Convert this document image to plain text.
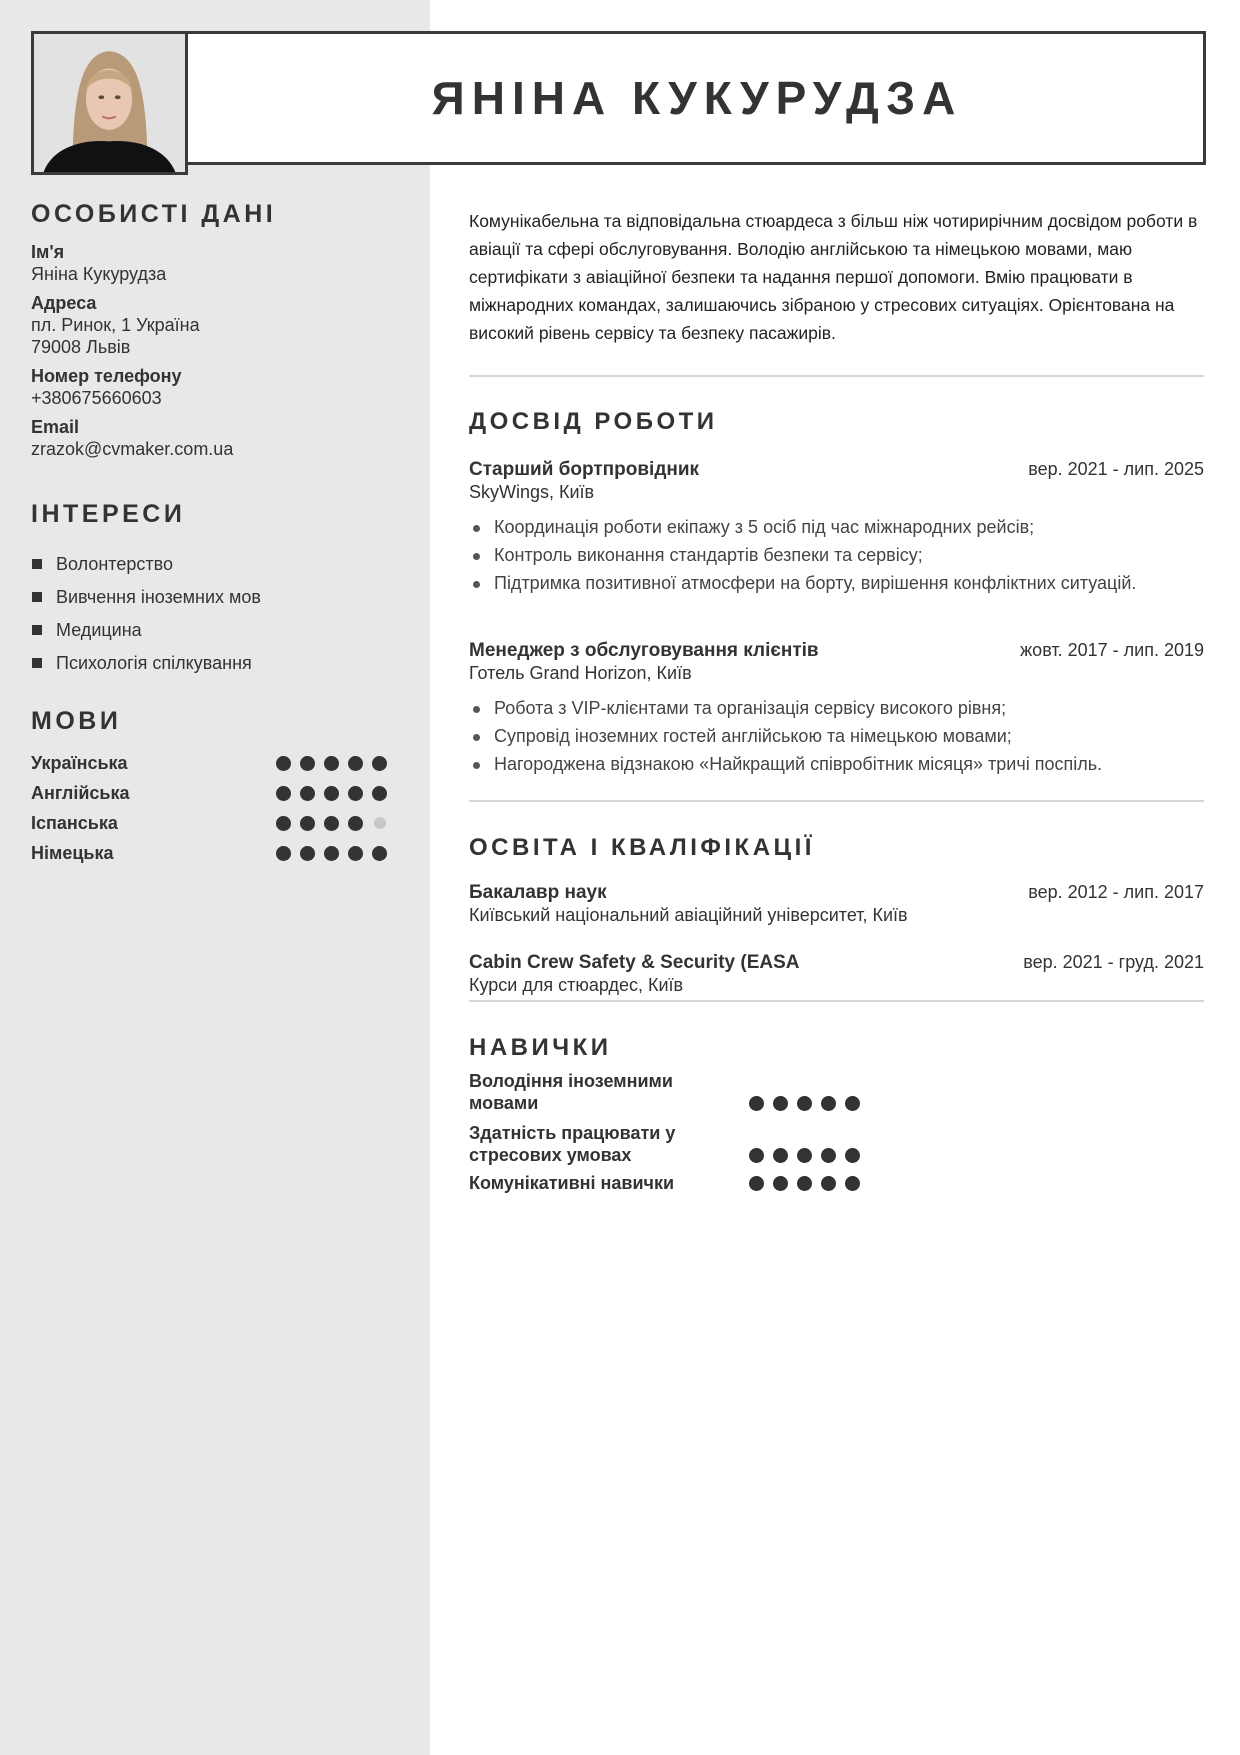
ЯНІНА КУКУРУДЗА
ОСОБИСТІ ДАНІ
Ім'я
Яніна Кукурудза
Адреса
пл. Ринок, 1 Україна
79008 Львів
Номер телефону
+380675660603
Email
zrazok@cvmaker.com.ua
ІНТЕРЕСИ
Волонтерство
Вивчення іноземних мов
Медицина
Психологія спілкування
МОВИ
Українська
Англійська
Іспанська
Німецька
Комунікабельна та відповідальна стюардеса з більш ніж чотирирічним досвідом роботи в авіації та сфері обслуговування. Володію англійською та німецькою мовами, маю сертифікати з авіаційної безпеки та надання першої допомоги. Вмію працювати в міжнародних командах, залишаючись зібраною у стресових ситуаціях. Орієнтована на високий рівень сервісу та безпеку пасажирів.
ДОСВІД РОБОТИ
Старший бортпровідник	вер. 2021 - лип. 2025
SkyWings, Київ
Координація роботи екіпажу з 5 осіб під час міжнародних рейсів;
Контроль виконання стандартів безпеки та сервісу;
Підтримка позитивної атмосфери на борту, вирішення конфліктних ситуацій.
Менеджер з обслуговування клієнтів	жовт. 2017 - лип. 2019
Готель Grand Horizon, Київ
Робота з VIP-клієнтами та організація сервісу високого рівня;
Супровід іноземних гостей англійською та німецькою мовами;
Нагороджена відзнакою «Найкращий співробітник місяця» тричі поспіль.
ОСВІТА І КВАЛІФІКАЦІЇ
Бакалавр наук	вер. 2012 - лип. 2017
Київський національний авіаційний університет, Київ
Cabin Crew Safety & Security (EASA	вер. 2021 - груд. 2021
Курси для стюардес, Київ
НАВИЧКИ
Володіння іноземними
мовами
Здатність працювати у
стресових умовах
Комунікативні навички
